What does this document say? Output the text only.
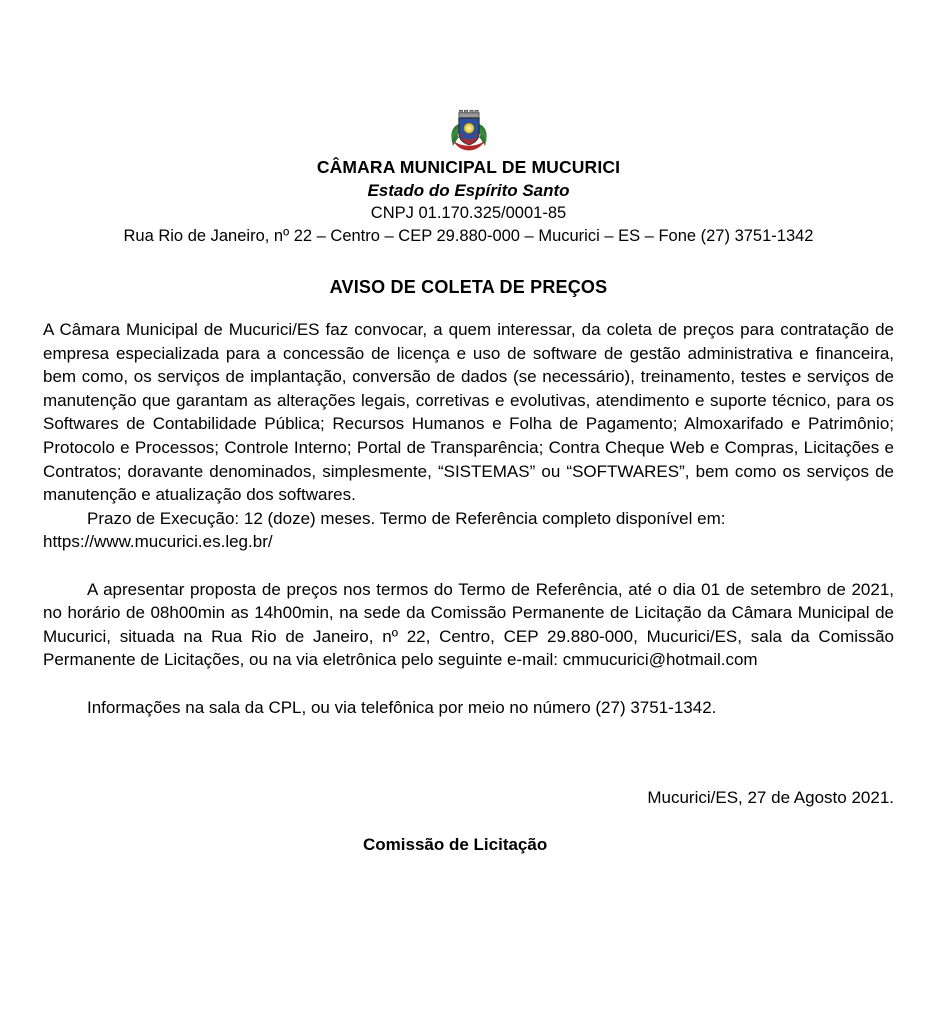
CÂMARA MUNICIPAL DE MUCURICI
Estado do Espírito Santo
CNPJ 01.170.325/0001-85
Rua Rio de Janeiro, nº 22 – Centro – CEP 29.880-000 – Mucurici – ES – Fone (27) 3751-1342
AVISO DE COLETA DE PREÇOS

A Câmara Municipal de Mucurici/ES faz convocar, a quem interessar, da coleta de preços para contratação de empresa especializada para a concessão de licença e uso de software de gestão administrativa e financeira, bem como, os serviços de implantação, conversão de dados (se necessário), treinamento, testes e serviços de manutenção que garantam as alterações legais, corretivas e evolutivas, atendimento e suporte técnico, para os Softwares de Contabilidade Pública; Recursos Humanos e Folha de Pagamento; Almoxarifado e Patrimônio; Protocolo e Processos; Controle Interno; Portal de Transparência; Contra Cheque Web e Compras, Licitações e Contratos; doravante denominados, simplesmente, “SISTEMAS” ou “SOFTWARES”, bem como os serviços de manutenção e atualização dos softwares.

Prazo de Execução: 12 (doze) meses. Termo de Referência completo disponível em:

https://www.mucurici.es.leg.br/

A apresentar proposta de preços nos termos do Termo de Referência, até o dia 01 de setembro de 2021, no horário de 08h00min as 14h00min, na sede da Comissão Permanente de Licitação da Câmara Municipal de Mucurici, situada na Rua Rio de Janeiro, nº 22, Centro, CEP 29.880-000, Mucurici/ES, sala da Comissão Permanente de Licitações, ou na via eletrônica pelo seguinte e-mail: cmmucurici@hotmail.com

Informações na sala da CPL, ou via telefônica por meio no número (27) 3751-1342.

Mucurici/ES, 27 de Agosto 2021.
Comissão de Licitação
